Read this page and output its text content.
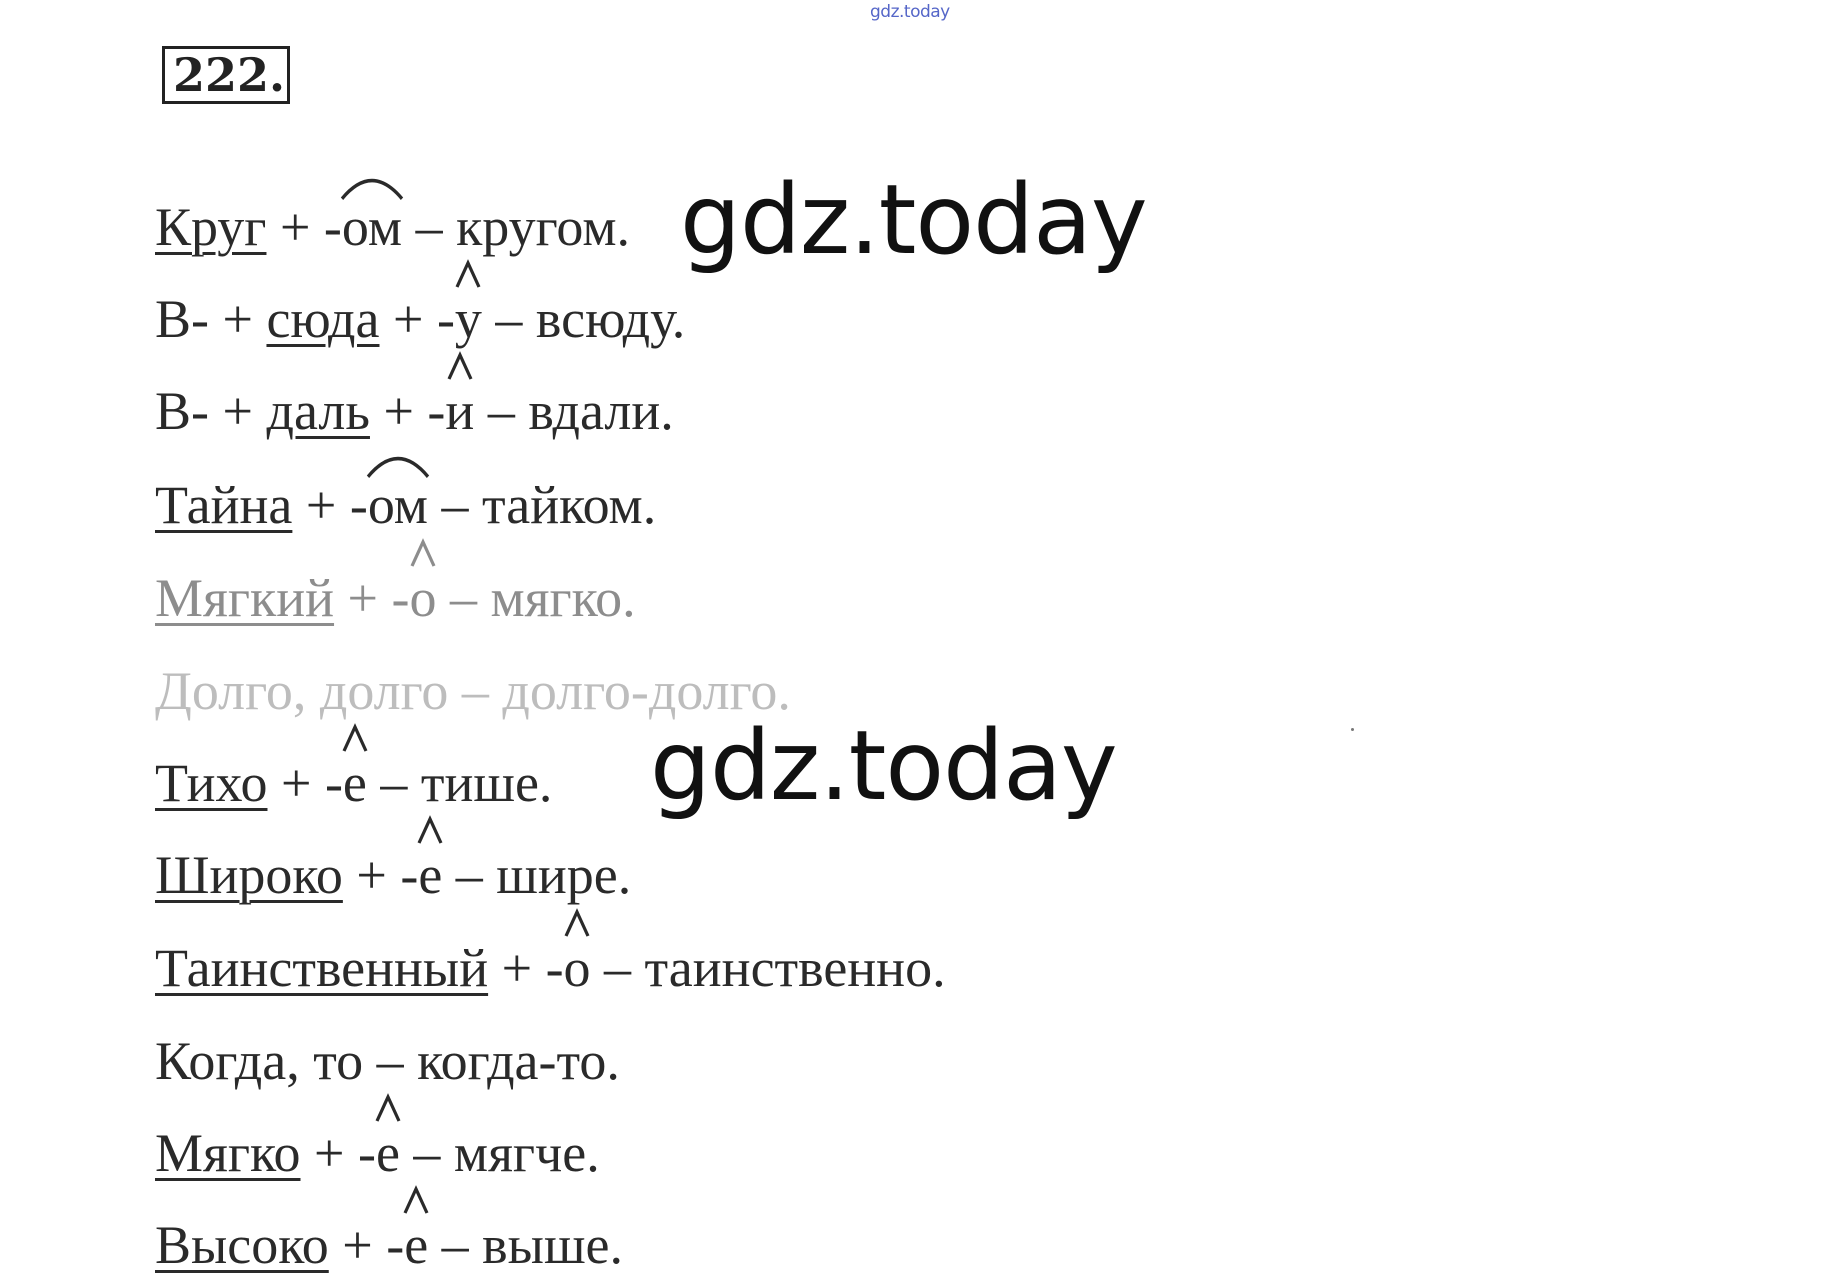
gdz.today
222.
Круг + -ом
– кругом.
В- + сюда + -у
– всюду.
В- + даль + -и
– вдали.
Тайна + -ом
– тайком.
Мягкий + -о
– мягко.
Долго, долго – долго-долго.
Тихо + -е
– тише.
Широко + -е
– шире.
Таинственный + -о
– таинственно.
Когда, то – когда-то.
Мягко + -е
– мягче.
Высоко + -е
– выше.
gdz.today
gdz.today
